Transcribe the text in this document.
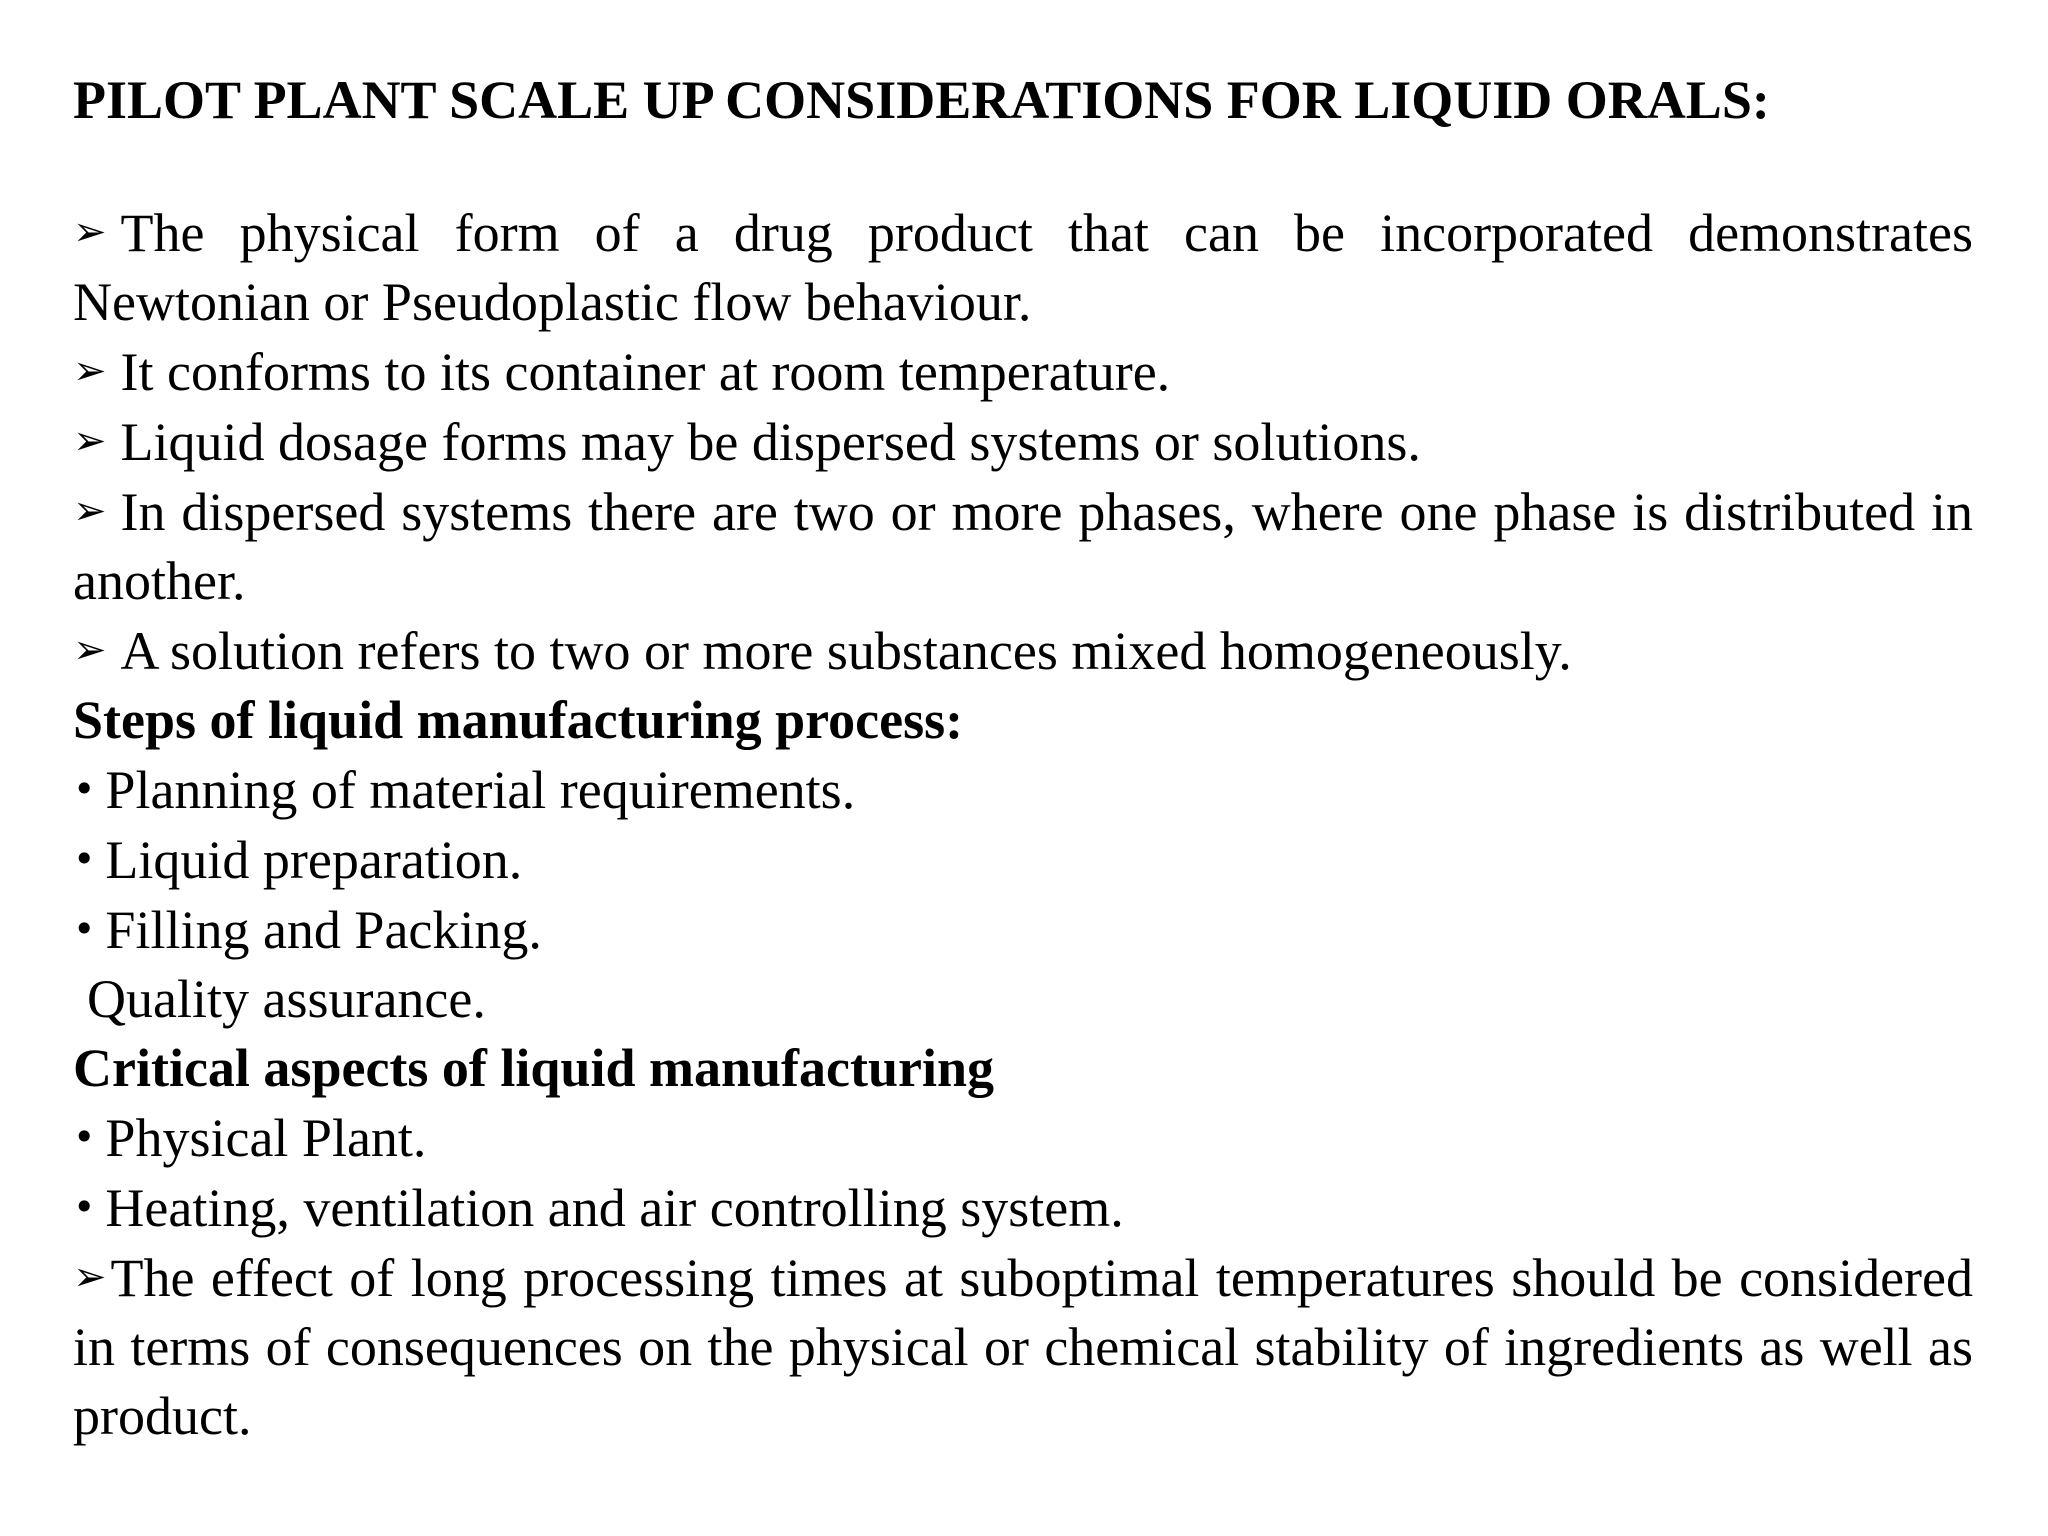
PILOT PLANT SCALE UP CONSIDERATIONS FOR LIQUID ORALS:

➢ The physical form of a drug product that can be incorporated demonstrates Newtonian or Pseudoplastic flow behaviour.

➢ It conforms to its container at room temperature.

➢ Liquid dosage forms may be dispersed systems or solutions.

➢ In dispersed systems there are two or more phases, where one phase is distributed in another.

➢ A solution refers to two or more substances mixed homogeneously.

Steps of liquid manufacturing process:

• Planning of material requirements.

• Liquid preparation.

• Filling and Packing.

Quality assurance.

Critical aspects of liquid manufacturing

• Physical Plant.

• Heating, ventilation and air controlling system.

➢The effect of long processing times at suboptimal temperatures should be considered in terms of consequences on the physical or chemical stability of ingredients as well as product.
